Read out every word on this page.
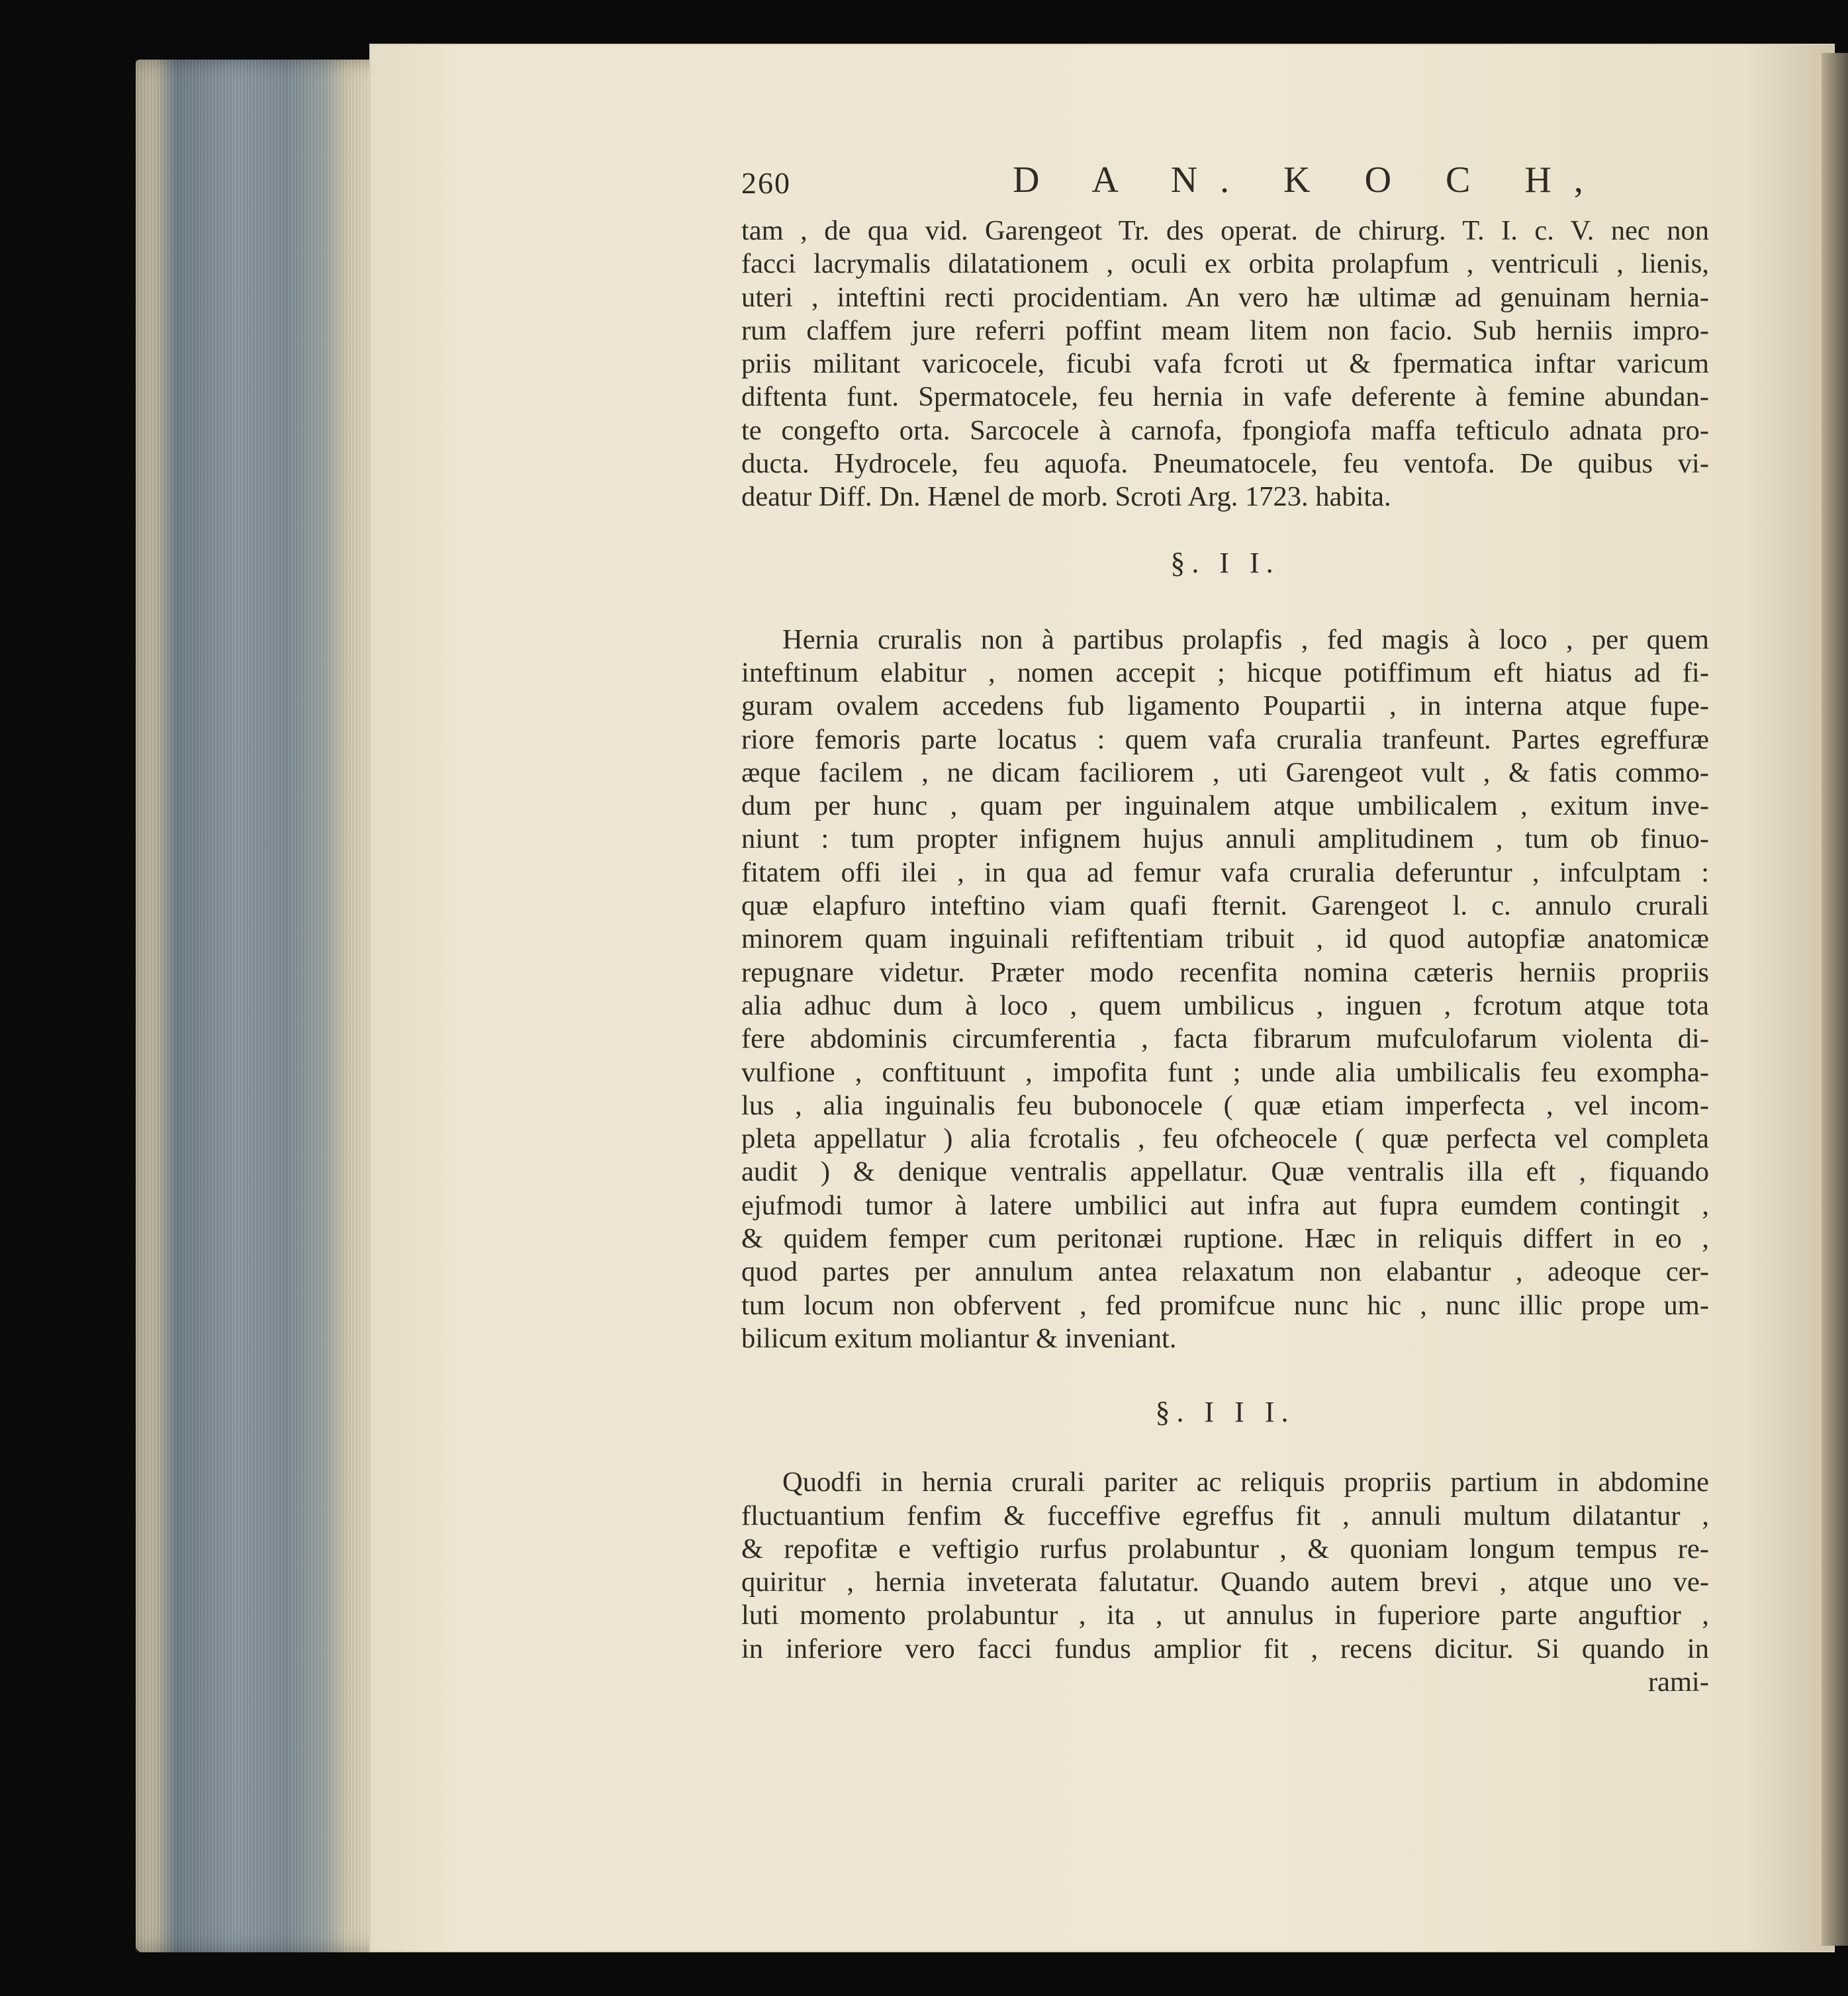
260	D A N. K O C H,
tam , de qua vid. Garengeot Tr. des operat. de chirurg. T. I. c. V. nec non
facci lacrymalis dilatationem , oculi ex orbita prolapfum , ventriculi , lienis,
uteri , inteftini recti procidentiam. An vero hæ ultimæ ad genuinam hernia-
rum claffem jure referri poffint meam litem non facio. Sub herniis impro-
priis militant varicocele, ficubi vafa fcroti ut & fpermatica inftar varicum
diftenta funt. Spermatocele, feu hernia in vafe deferente à femine abundan-
te congefto orta. Sarcocele à carnofa, fpongiofa maffa tefticulo adnata pro-
ducta. Hydrocele, feu aquofa. Pneumatocele, feu ventofa. De quibus vi-
deatur Diff. Dn. Hænel de morb. Scroti Arg. 1723. habita.
§. I I.
Hernia cruralis non à partibus prolapfis , fed magis à loco , per quem
inteftinum elabitur , nomen accepit ; hicque potiffimum eft hiatus ad fi-
guram ovalem accedens fub ligamento Poupartii , in interna atque fupe-
riore femoris parte locatus : quem vafa cruralia tranfeunt. Partes egreffuræ
æque facilem , ne dicam faciliorem , uti Garengeot vult , & fatis commo-
dum per hunc , quam per inguinalem atque umbilicalem , exitum inve-
niunt : tum propter infignem hujus annuli amplitudinem , tum ob finuo-
fitatem offi ilei , in qua ad femur vafa cruralia deferuntur , infculptam :
quæ elapfuro inteftino viam quafi fternit. Garengeot l. c. annulo crurali
minorem quam inguinali refiftentiam tribuit , id quod autopfiæ anatomicæ
repugnare videtur. Præter modo recenfita nomina cæteris herniis propriis
alia adhuc dum à loco , quem umbilicus , inguen , fcrotum atque tota
fere abdominis circumferentia , facta fibrarum mufculofarum violenta di-
vulfione , conftituunt , impofita funt ; unde alia umbilicalis feu exompha-
lus , alia inguinalis feu bubonocele ( quæ etiam imperfecta , vel incom-
pleta appellatur ) alia fcrotalis , feu ofcheocele ( quæ perfecta vel completa
audit ) & denique ventralis appellatur. Quæ ventralis illa eft , fiquando
ejufmodi tumor à latere umbilici aut infra aut fupra eumdem contingit ,
& quidem femper cum peritonæi ruptione. Hæc in reliquis differt in eo ,
quod partes per annulum antea relaxatum non elabantur , adeoque cer-
tum locum non obfervent , fed promifcue nunc hic , nunc illic prope um-
bilicum exitum moliantur & inveniant.
§. I I I.
Quodfi in hernia crurali pariter ac reliquis propriis partium in abdomine
fluctuantium fenfim & fucceffive egreffus fit , annuli multum dilatantur ,
& repofitæ e veftigio rurfus prolabuntur , & quoniam longum tempus re-
quiritur , hernia inveterata falutatur. Quando autem brevi , atque uno ve-
luti momento prolabuntur , ita , ut annulus in fuperiore parte anguftior ,
in inferiore vero facci fundus amplior fit , recens dicitur. Si quando in
rami-
